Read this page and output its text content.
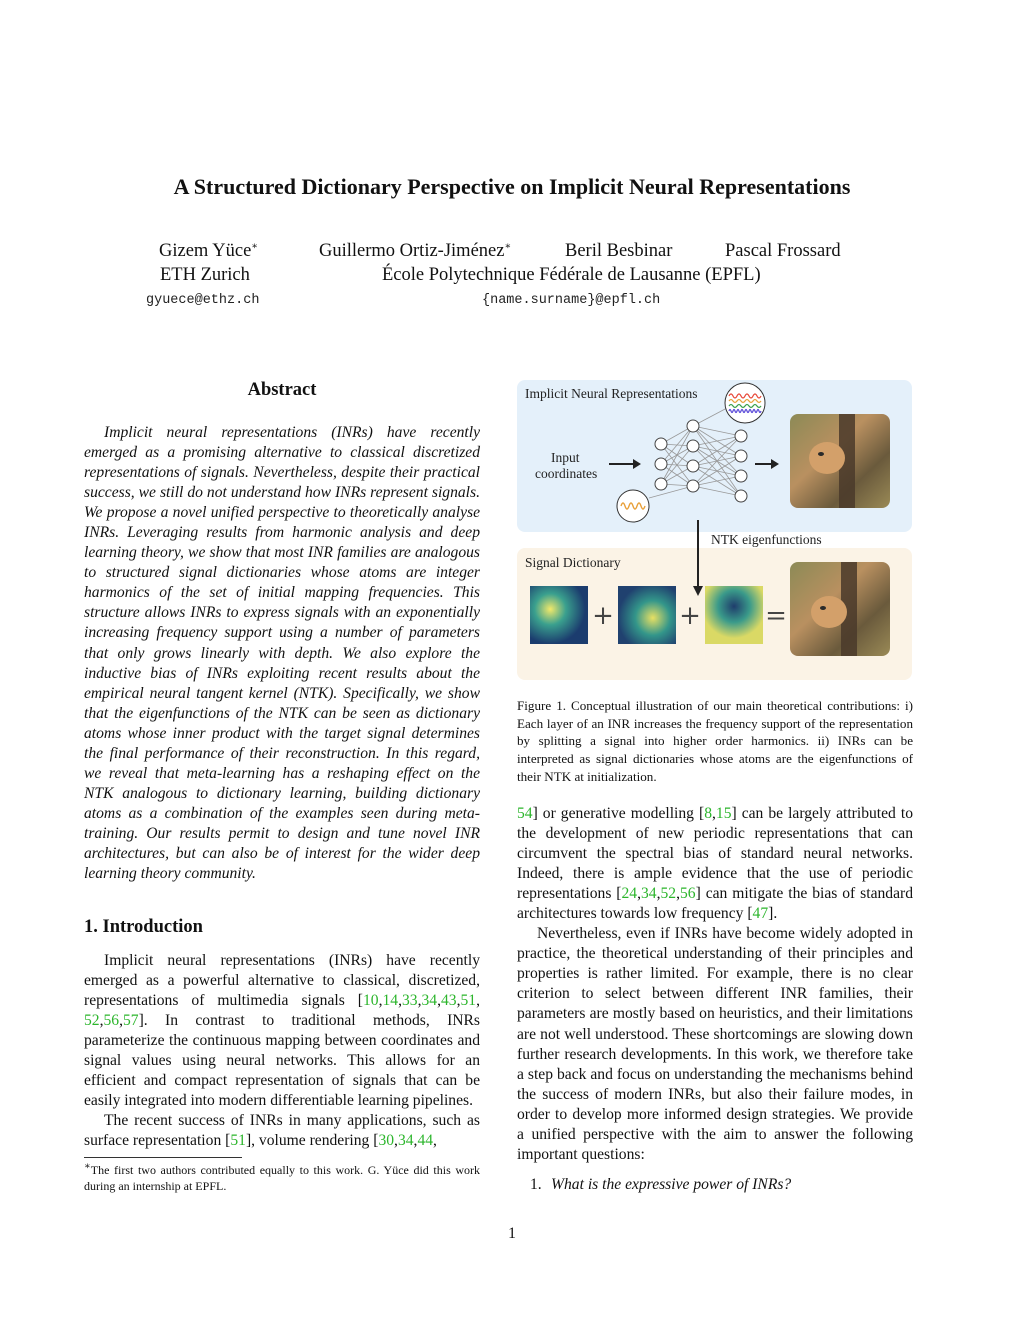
A Structured Dictionary Perspective on Implicit Neural Representations
Gizem Yüce∗	Guillermo Ortiz-Jiménez∗	Beril Besbinar	Pascal Frossard
ETH Zurich	École Polytechnique Fédérale de Lausanne (EPFL)
gyuece@ethz.ch	{name.surname}@epfl.ch
Abstract

Implicit neural representations (INRs) have recently emerged as a promising alternative to classical discretized representations of signals. Nevertheless, despite their practical success, we still do not understand how INRs represent signals. We propose a novel unified perspective to theoretically analyse INRs. Leveraging results from harmonic analysis and deep learning theory, we show that most INR families are analogous to structured signal dictionaries whose atoms are integer harmonics of the set of initial mapping frequencies. This structure allows INRs to express signals with an exponentially increasing frequency support using a number of parameters that only grows linearly with depth. We also explore the inductive bias of INRs exploiting recent results about the empirical neural tangent kernel (NTK). Specifically, we show that the eigenfunctions of the NTK can be seen as dictionary atoms whose inner product with the target signal determines the final performance of their reconstruction. In this regard, we reveal that meta-learning has a reshaping effect on the NTK analogous to dictionary learning, building dictionary atoms as a combination of the examples seen during meta-training. Our results permit to design and tune novel INR architectures, but can also be of interest for the wider deep learning theory community.

1. Introduction

Implicit neural representations (INRs) have recently emerged as a powerful alternative to classical, discretized, representations of multimedia signals [10,14,33,34,43,51, 52,56,57]. In contrast to traditional methods, INRs parameterize the continuous mapping between coordinates and signal values using neural networks. This allows for an efficient and compact representation of signals that can be easily integrated into modern differentiable learning pipelines.

The recent success of INRs in many applications, such as surface representation [51], volume rendering [30,34,44,

∗The first two authors contributed equally to this work. G. Yüce did this work during an internship at EPFL.
Implicit Neural Representations
Input
coordinates
NTK eigenfunctions
Signal Dictionary
+	+ =
Figure 1. Conceptual illustration of our main theoretical contributions: i) Each layer of an INR increases the frequency support of the representation by splitting a signal into higher order harmonics. ii) INRs can be interpreted as signal dictionaries whose atoms are the eigenfunctions of their NTK at initialization.

54] or generative modelling [8,15] can be largely attributed to the development of new periodic representations that can circumvent the spectral bias of standard neural networks. Indeed, there is ample evidence that the use of periodic representations [24,34,52,56] can mitigate the bias of standard architectures towards low frequency [47].

Nevertheless, even if INRs have become widely adopted in practice, the theoretical understanding of their principles and properties is rather limited. For example, there is no clear criterion to select between different INR families, their parameters are mostly based on heuristics, and their limitations are not well understood. These shortcomings are slowing down further research developments. In this work, we therefore take a step back and focus on understanding the mechanisms behind the success of modern INRs, but also their failure modes, in order to develop more informed design strategies. We provide a unified perspective with the aim to answer the following important questions:

1. What is the expressive power of INRs?
1
